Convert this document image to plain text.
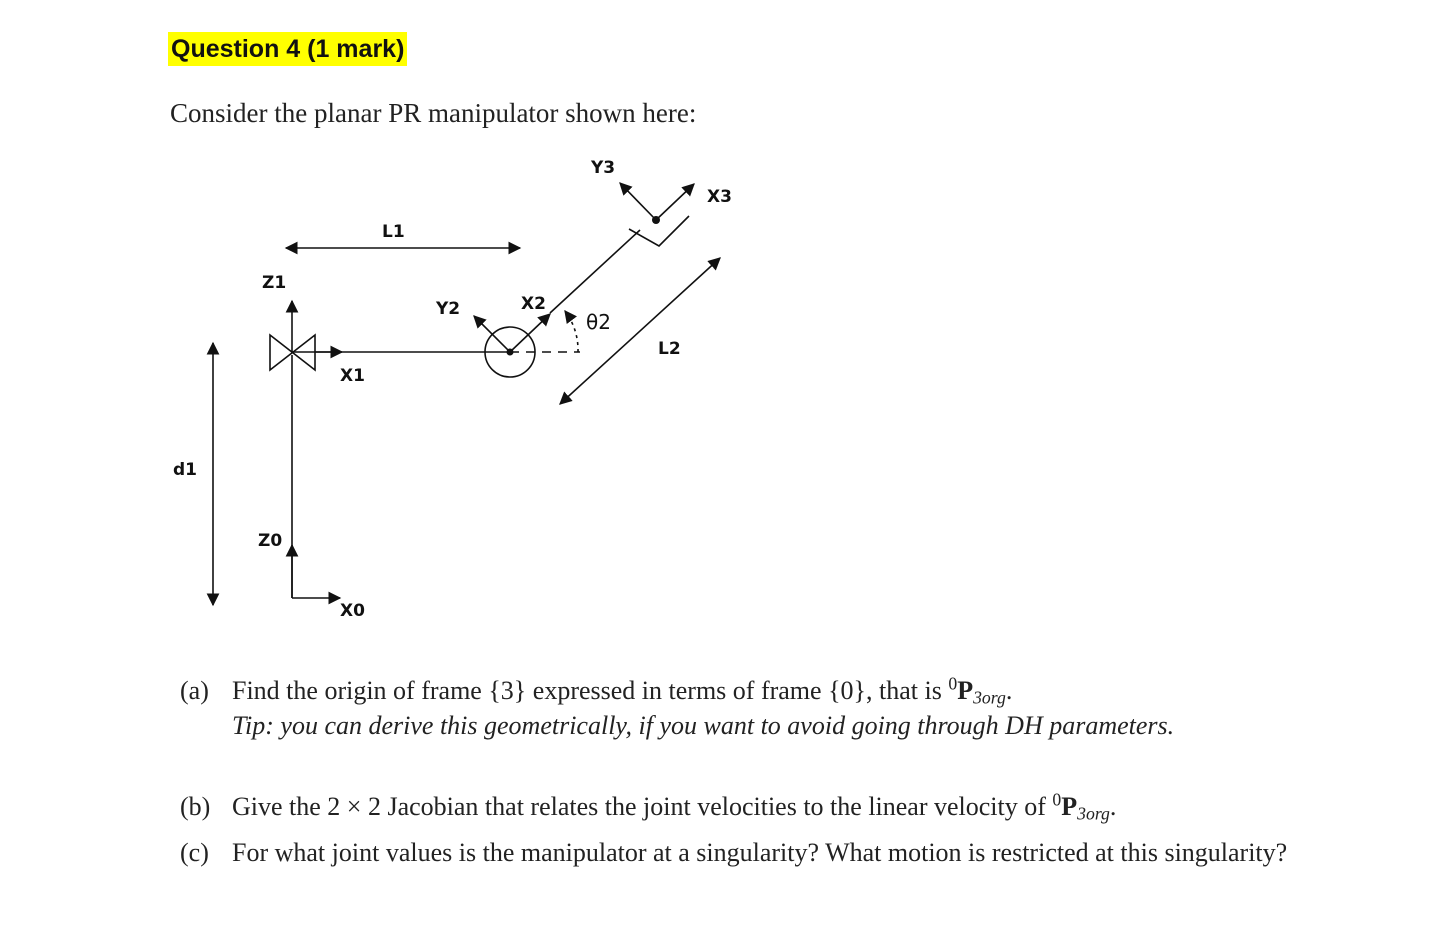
Question 4 (1 mark)
Consider the planar PR manipulator shown here:
Z0
X0
Z1
X1
Y2	X2
Y3
X3
d1
L1
L2
θ2
(a) Find the origin of frame {3} expressed in terms of frame {0}, that is $^0P_{3org}$.
Tip: you can derive this geometrically, if you want to avoid going through DH parameters.
(b) Give the 2 × 2 Jacobian that relates the joint velocities to the linear velocity of $^0P_{3org}$.
(c) For what joint values is the manipulator at a singularity? What motion is restricted at this singularity?
